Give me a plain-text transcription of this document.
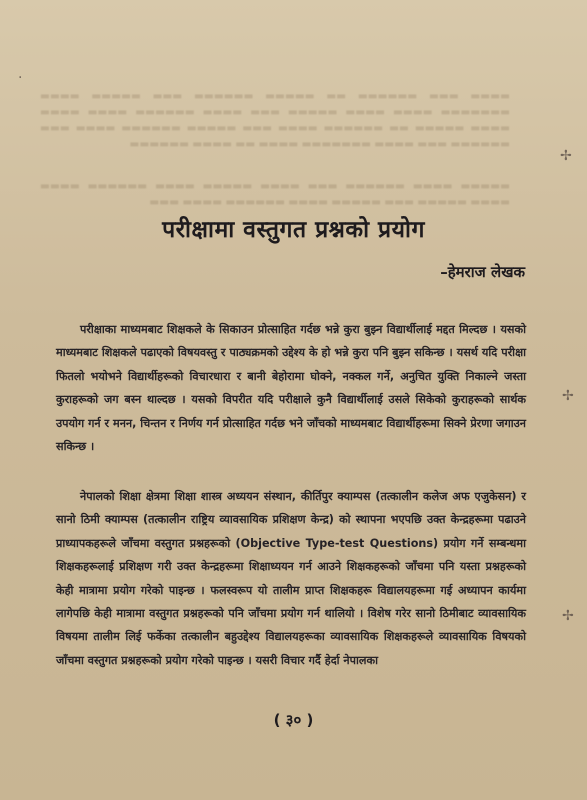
▬▬▬▬ ▬▬▬ ▬▬▬▬▬▬ ▬▬ ▬▬▬▬▬ ▬▬▬▬▬▬ ▬▬▬ ▬▬▬▬▬ ▬▬▬▬ ▬▬▬▬▬▬▬ ▬▬▬▬ ▬▬▬▬ ▬▬▬▬▬ ▬▬▬ ▬▬▬▬ ▬▬▬▬▬▬ ▬▬▬▬ ▬▬▬▬ ▬▬▬▬ ▬▬▬▬▬ ▬▬ ▬▬▬▬▬▬ ▬▬▬▬ ▬▬▬ ▬▬▬▬▬ ▬▬▬▬▬▬ ▬▬▬▬ ▬▬▬ ▬▬▬▬▬▬ ▬▬▬ ▬▬▬▬ ▬▬▬▬▬▬▬ ▬▬▬▬ ▬▬ ▬▬▬▬ ▬▬▬▬▬▬
▬▬▬▬▬ ▬▬▬▬ ▬▬▬▬▬▬ ▬▬▬ ▬▬▬▬ ▬▬▬▬▬ ▬▬▬▬ ▬▬▬▬▬▬ ▬▬▬▬ ▬▬▬▬ ▬▬▬▬▬ ▬▬▬ ▬▬▬▬▬ ▬▬▬▬ ▬▬▬▬▬▬ ▬▬▬▬ ▬▬▬
·
✢
✢
✢
परीक्षामा वस्तुगत प्रश्नको प्रयोग
–हेमराज लेखक
परीक्षाका माध्यमबाट शिक्षकले के सिकाउन प्रोत्साहित गर्दछ भन्ने कुरा बुझ्न विद्यार्थीलाई मद्दत मिल्दछ । यसको माध्यमबाट शिक्षकले पढाएको विषयवस्तु र पाठ्यक्रमको उद्देश्य के हो भन्ने कुरा पनि बुझ्न सकिन्छ । यसर्थ यदि परीक्षा फितलो भयोभने विद्यार्थीहरूको विचारधारा र बानी बेहोरामा घोक्ने, नक्कल गर्ने, अनुचित युक्ति निकाल्ने जस्ता कुराहरूको जग बस्न थाल्दछ । यसको विपरीत यदि परीक्षाले कुनै विद्यार्थीलाई उसले सिकेको कुराहरूको सार्थक उपयोग गर्न र मनन, चिन्तन र निर्णय गर्न प्रोत्साहित गर्दछ भने जाँचको माध्यमबाट विद्यार्थीहरूमा सिक्ने प्रेरणा जगाउन सकिन्छ ।
नेपालको शिक्षा क्षेत्रमा शिक्षा शास्त्र अध्ययन संस्थान, कीर्तिपुर क्याम्पस (तत्कालीन कलेज अफ एजुकेसन) र सानो ठिमी क्याम्पस (तत्कालीन राष्ट्रिय व्यावसायिक प्रशिक्षण केन्द्र) को स्थापना भएपछि उक्त केन्द्रहरूमा पढाउने प्राध्यापकहरूले जाँचमा वस्तुगत प्रश्नहरूको (Objective Type-test Questions) प्रयोग गर्ने सम्बन्धमा शिक्षकहरूलाई प्रशिक्षण गरी उक्त केन्द्रहरूमा शिक्षाध्ययन गर्न आउने शिक्षकहरूको जाँचमा पनि यस्ता प्रश्नहरूको केही मात्रामा प्रयोग गरेको पाइन्छ । फलस्वरूप यो तालीम प्राप्त शिक्षकहरू विद्यालयहरूमा गई अध्यापन कार्यमा लागेपछि केही मात्रामा वस्तुगत प्रश्नहरूको पनि जाँचमा प्रयोग गर्न थालियो । विशेष गरेर सानो ठिमीबाट व्यावसायिक विषयमा तालीम लिई फर्केका तत्कालीन बहुउद्देश्य विद्यालयहरूका व्यावसायिक शिक्षकहरूले व्यावसायिक विषयको जाँचमा वस्तुगत प्रश्नहरूको प्रयोग गरेको पाइन्छ । यसरी विचार गर्दै हेर्दा नेपालका
( ३० )
